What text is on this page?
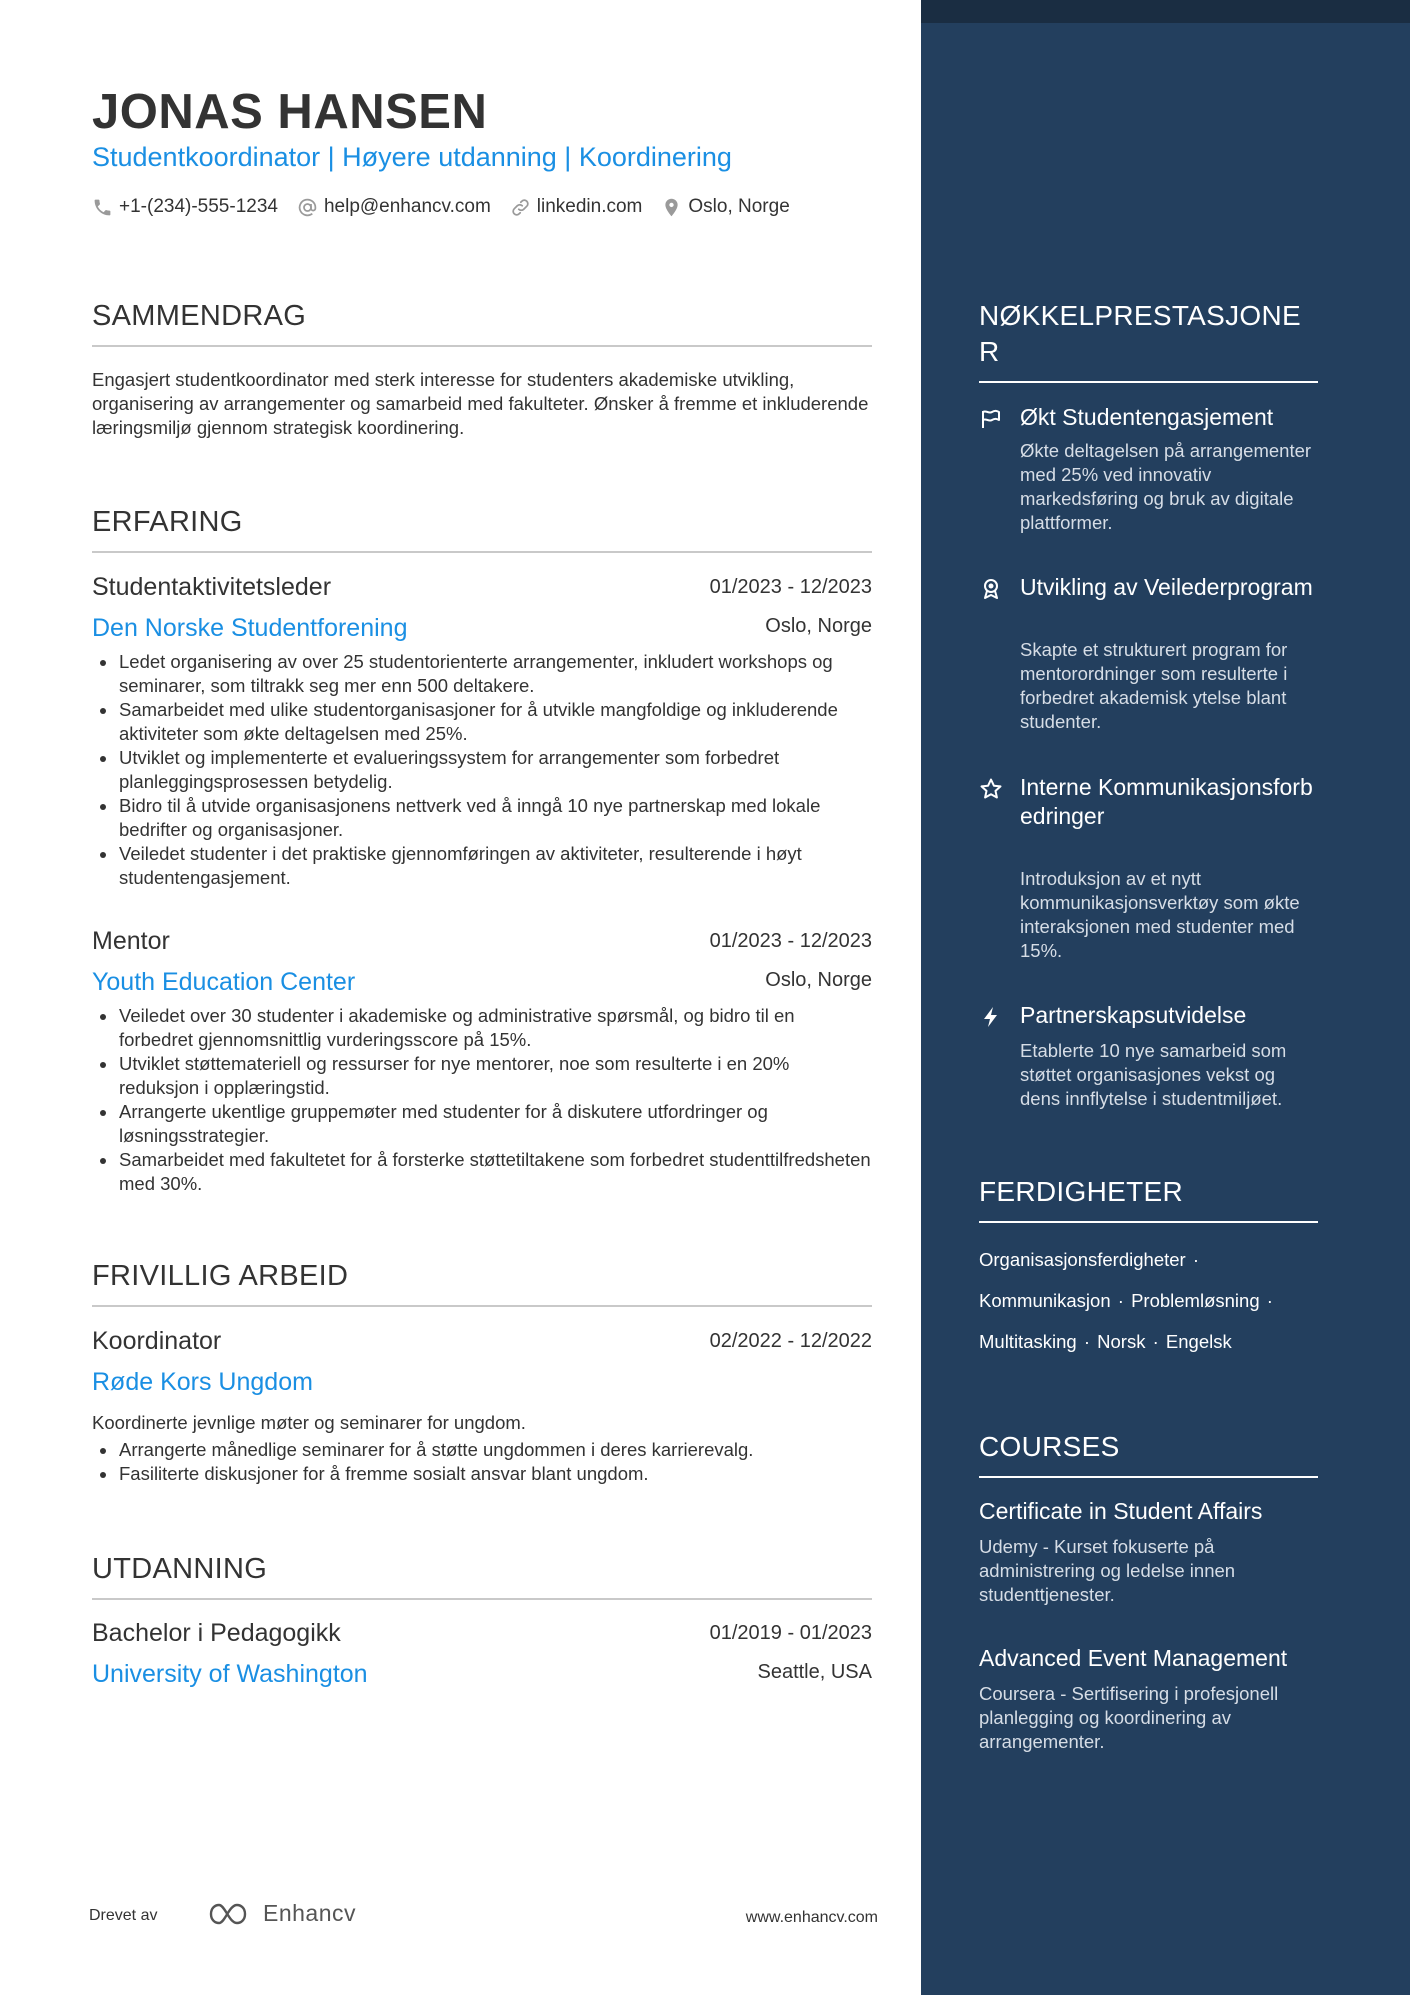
JONAS HANSEN
Studentkoordinator | Høyere utdanning | Koordinering
+1-(234)-555-1234 help@enhancv.com linkedin.com Oslo, Norge
SAMMENDRAG
Engasjert studentkoordinator med sterk interesse for studenters akademiske utvikling, organisering av arrangementer og samarbeid med fakulteter. Ønsker å fremme et inkluderende læringsmiljø gjennom strategisk koordinering.
ERFARING
Studentaktivitetsleder	01/2023 - 12/2023
Den Norske Studentforening	Oslo, Norge
Ledet organisering av over 25 studentorienterte arrangementer, inkludert workshops og seminarer, som tiltrakk seg mer enn 500 deltakere.
Samarbeidet med ulike studentorganisasjoner for å utvikle mangfoldige og inkluderende aktiviteter som økte deltagelsen med 25%.
Utviklet og implementerte et evalueringssystem for arrangementer som forbedret planleggingsprosessen betydelig.
Bidro til å utvide organisasjonens nettverk ved å inngå 10 nye partnerskap med lokale bedrifter og organisasjoner.
Veiledet studenter i det praktiske gjennomføringen av aktiviteter, resulterende i høyt studentengasjement.
Mentor	01/2023 - 12/2023
Youth Education Center	Oslo, Norge
Veiledet over 30 studenter i akademiske og administrative spørsmål, og bidro til en forbedret gjennomsnittlig vurderingsscore på 15%.
Utviklet støttemateriell og ressurser for nye mentorer, noe som resulterte i en 20% reduksjon i opplæringstid.
Arrangerte ukentlige gruppemøter med studenter for å diskutere utfordringer og løsningsstrategier.
Samarbeidet med fakultetet for å forsterke støttetiltakene som forbedret studenttilfredsheten med 30%.
FRIVILLIG ARBEID
Koordinator	02/2022 - 12/2022
Røde Kors Ungdom
Koordinerte jevnlige møter og seminarer for ungdom.
Arrangerte månedlige seminarer for å støtte ungdommen i deres karrierevalg.
Fasiliterte diskusjoner for å fremme sosialt ansvar blant ungdom.
UTDANNING
Bachelor i Pedagogikk	01/2019 - 01/2023
University of Washington	Seattle, USA
Drevet av	Enhancv	www.enhancv.com
NØKKELPRESTASJONER
Økt Studentengasjement
Økte deltagelsen på arrangementer med 25% ved innovativ markedsføring og bruk av digitale plattformer.
Utvikling av Veilederprogram
Skapte et strukturert program for mentorordninger som resulterte i forbedret akademisk ytelse blant studenter.
Interne Kommunikasjonsforbedringer
Introduksjon av et nytt kommunikasjonsverktøy som økte interaksjonen med studenter med 15%.
Partnerskapsutvidelse
Etablerte 10 nye samarbeid som støttet organisasjones vekst og dens innflytelse i studentmiljøet.
FERDIGHETER
Organisasjonsferdigheter ·
Kommunikasjon · Problemløsning ·
Multitasking · Norsk · Engelsk
COURSES
Certificate in Student Affairs
Udemy - Kurset fokuserte på administrering og ledelse innen studenttjenester.
Advanced Event Management
Coursera - Sertifisering i profesjonell planlegging og koordinering av arrangementer.
